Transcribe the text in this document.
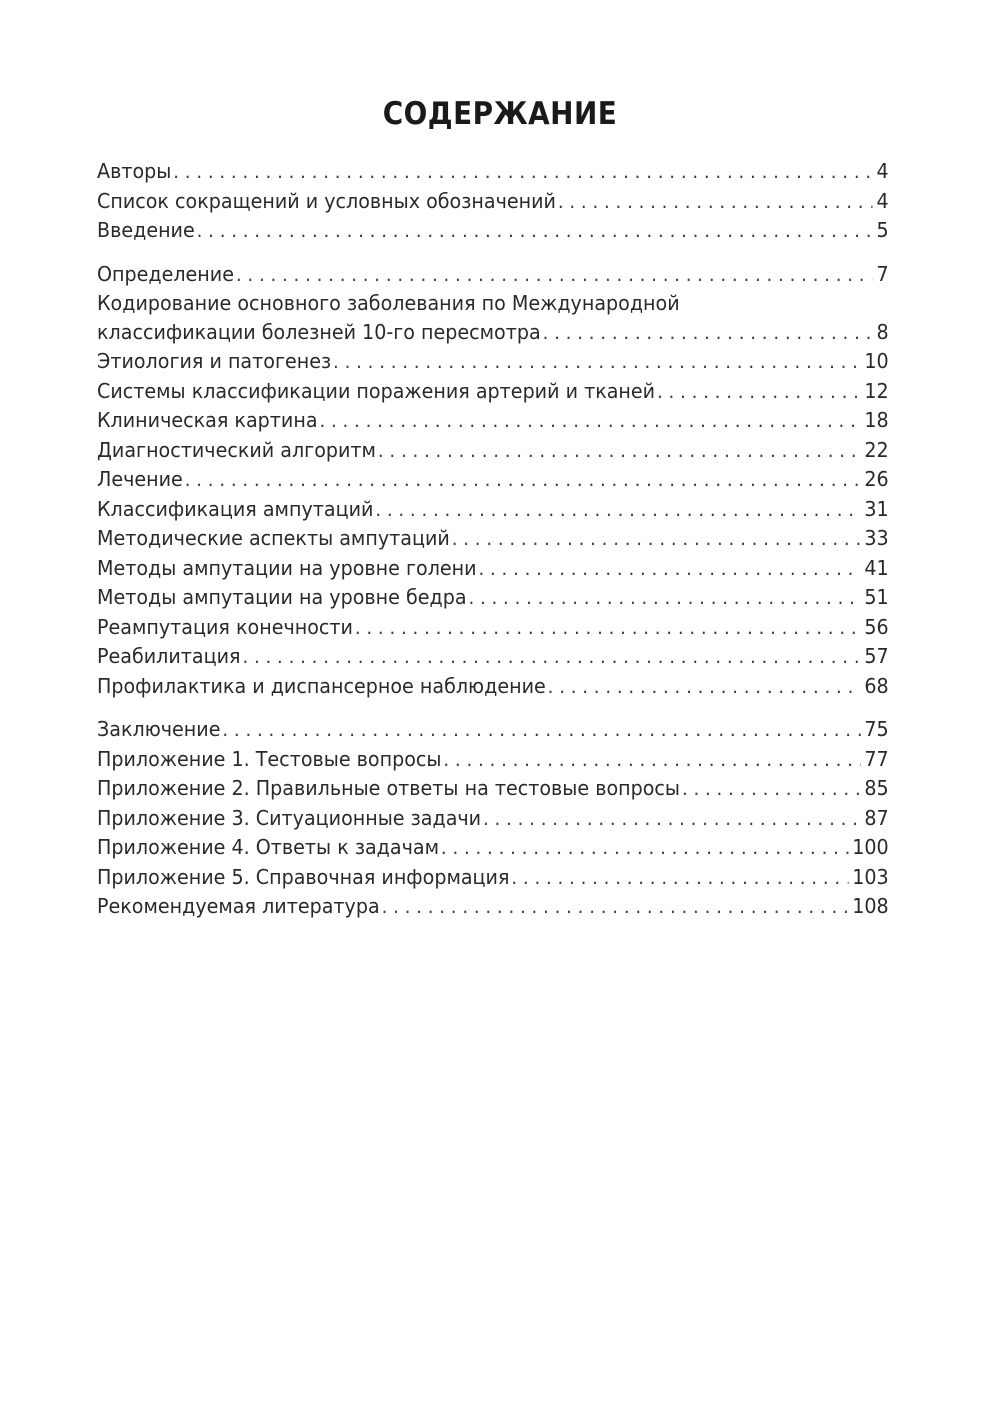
СОДЕРЖАНИЕ
Авторы . . .	4
Список сокращений и условных обозначений . . .	4
Введение . . .	5
Определение . . .	7
Кодирование основного заболевания по Международной
классификации болезней 10-го пересмотра . . .	8
Этиология и патогенез . . .	10
Системы классификации поражения артерий и тканей . . .	12
Клиническая картина . . .	18
Диагностический алгоритм . . .	22
Лечение . . .	26
Классификация ампутаций . . .	31
Методические аспекты ампутаций . . .	33
Методы ампутации на уровне голени . . .	41
Методы ампутации на уровне бедра . . .	51
Реампутация конечности . . .	56
Реабилитация . . .	57
Профилактика и диспансерное наблюдение . . .	68
Заключение . . .	75
Приложение 1. Тестовые вопросы . . .	77
Приложение 2. Правильные ответы на тестовые вопросы . . .	85
Приложение 3. Ситуационные задачи . . .	87
Приложение 4. Ответы к задачам . . .	100
Приложение 5. Справочная информация . . .	103
Рекомендуемая литература . . .	108
